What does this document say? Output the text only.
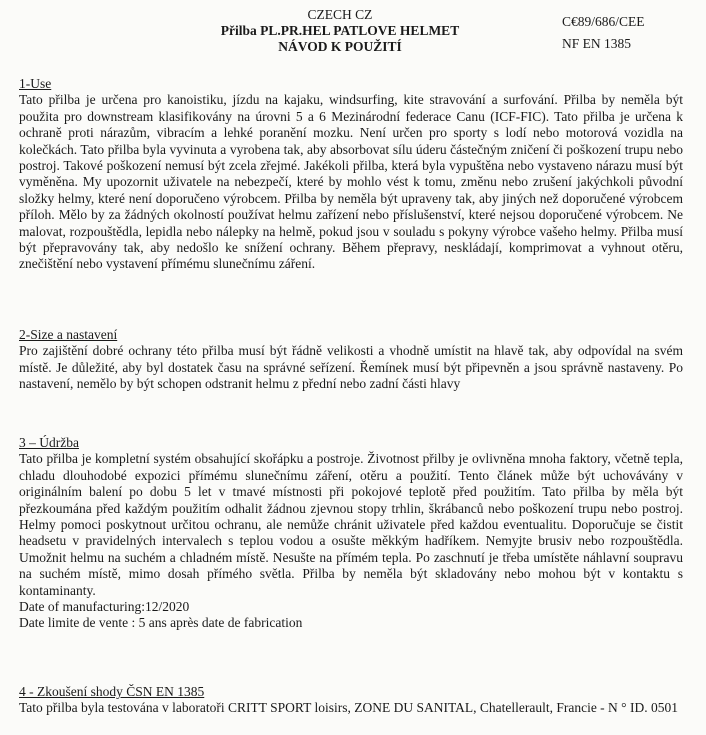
CZECH CZ
Přilba PL.PR.HEL PATLOVE HELMET
NÁVOD K POUŽITÍ
C€89/686/CEE
NF EN 1385

1-Use

Tato přilba je určena pro kanoistiku, jízdu na kajaku, windsurfing, kite stravování a surfování. Přilba by neměla být použita pro downstream klasifikovány na úrovni 5 a 6 Mezinárodní federace Canu (ICF-FIC). Tato přilba je určena k ochraně proti nárazům, vibracím a lehké poranění mozku. Není určen pro sporty s lodí nebo motorová vozidla na kolečkách. Tato přilba byla vyvinuta a vyrobena tak, aby absorbovat sílu úderu částečným zničení či poškození trupu nebo postroj. Takové poškození nemusí být zcela zřejmé. Jakékoli přilba, která byla vypuštěna nebo vystaveno nárazu musí být vyměněna. My upozornit uživatele na nebezpečí, které by mohlo vést k tomu, změnu nebo zrušení jakýchkoli původní složky helmy, které není doporučeno výrobcem. Přilba by neměla být upraveny tak, aby jiných než doporučené výrobcem příloh. Mělo by za žádných okolností používat helmu zařízení nebo příslušenství, které nejsou doporučené výrobcem. Ne malovat, rozpouštědla, lepidla nebo nálepky na helmě, pokud jsou v souladu s pokyny výrobce vašeho helmy. Přilba musí být přepravovány tak, aby nedošlo ke snížení ochrany. Během přepravy, neskládají, komprimovat a vyhnout otěru, znečištění nebo vystavení přímému slunečnímu záření.

2-Size a nastavení

Pro zajištění dobré ochrany této přilba musí být řádně velikosti a vhodně umístit na hlavě tak, aby odpovídal na svém místě. Je důležité, aby byl dostatek času na správné seřízení. Řemínek musí být připevněn a jsou správně nastaveny. Po nastavení, nemělo by být schopen odstranit helmu z přední nebo zadní části hlavy

3 – Údržba

Tato přilba je kompletní systém obsahující skořápku a postroje. Životnost přilby je ovlivněna mnoha faktory, včetně tepla, chladu dlouhodobé expozici přímému slunečnímu záření, otěru a použití. Tento článek může být uchovávány v originálním balení po dobu 5 let v tmavé místnosti při pokojové teplotě před použitím. Tato přilba by měla být přezkoumána před každým použitím odhalit žádnou zjevnou stopy trhlin, škrábanců nebo poškození trupu nebo postroj. Helmy pomoci poskytnout určitou ochranu, ale nemůže chránit uživatele před každou eventualitu. Doporučuje se čistit headsetu v pravidelných intervalech s teplou vodou a osušte měkkým hadříkem. Nemyjte brusiv nebo rozpouštědla. Umožnit helmu na suchém a chladném místě. Nesušte na přímém tepla. Po zaschnutí je třeba umístěte náhlavní soupravu na suchém místě, mimo dosah přímého světla. Přilba by neměla být skladovány nebo mohou být v kontaktu s kontaminanty.

Date of manufacturing:12/2020

Date limite de vente : 5 ans après date de fabrication

4 - Zkoušení shody ČSN EN 1385

Tato přilba byla testována v laboratoři CRITT SPORT loisirs, ZONE DU SANITAL, Chatellerault, Francie - N ° ID. 0501
